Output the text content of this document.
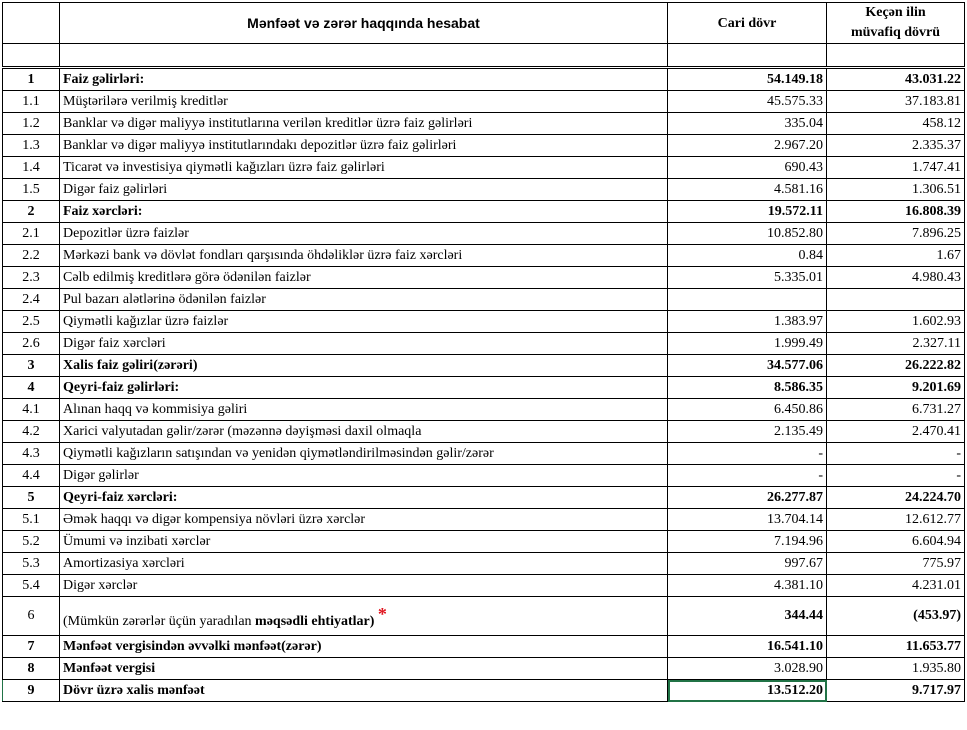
	Mənfəət və zərər haqqında hesabat	Cari dövr	Keçən ilin
müvafiq dövrü

1	Faiz gəlirləri:	54.149.18	43.031.22
1.1	Müştərilərə verilmiş kreditlər	45.575.33	37.183.81
1.2	Banklar və digər maliyyə institutlarına verilən kreditlər üzrə faiz gəlirləri	335.04	458.12
1.3	Banklar və digər maliyyə institutlarındakı depozitlər üzrə faiz gəlirləri	2.967.20	2.335.37
1.4	Ticarət və investisiya qiymətli kağızları üzrə faiz gəlirləri	690.43	1.747.41
1.5	Digər faiz gəlirləri	4.581.16	1.306.51
2	Faiz xərcləri:	19.572.11	16.808.39
2.1	Depozitlər üzrə faizlər	10.852.80	7.896.25
2.2	Mərkəzi bank və dövlət fondları qarşısında öhdəliklər üzrə faiz xərcləri	0.84	1.67
2.3	Cəlb edilmiş kreditlərə görə ödənilən faizlər	5.335.01	4.980.43
2.4	Pul bazarı alətlərinə ödənilən faizlər		
2.5	Qiymətli kağızlar üzrə faizlər	1.383.97	1.602.93
2.6	Digər faiz xərcləri	1.999.49	2.327.11
3	Xalis faiz gəliri(zərəri)	34.577.06	26.222.82
4	Qeyri-faiz gəlirləri:	8.586.35	9.201.69
4.1	Alınan haqq və kommisiya gəliri	6.450.86	6.731.27
4.2	Xarici valyutadan gəlir/zərər (məzənnə dəyişməsi daxil olmaqla	2.135.49	2.470.41
4.3	Qiymətli kağızların satışından və yenidən qiymətləndirilməsindən gəlir/zərər	-	-
4.4	Digər gəlirlər	-	-
5	Qeyri-faiz xərcləri:	26.277.87	24.224.70
5.1	Əmək haqqı və digər kompensiya növləri üzrə xərclər	13.704.14	12.612.77
5.2	Ümumi və inzibati xərclər	7.194.96	6.604.94
5.3	Amortizasiya xərcləri	997.67	775.97
5.4	Digər xərclər	4.381.10	4.231.01
6	(Mümkün zərərlər üçün yaradılan məqsədli ehtiyatlar) *	344.44	(453.97)
7	Mənfəət vergisindən əvvəlki mənfəət(zərər)	16.541.10	11.653.77
8	Mənfəət vergisi	3.028.90	1.935.80
9	Dövr üzrə xalis mənfəət	13.512.20	9.717.97
